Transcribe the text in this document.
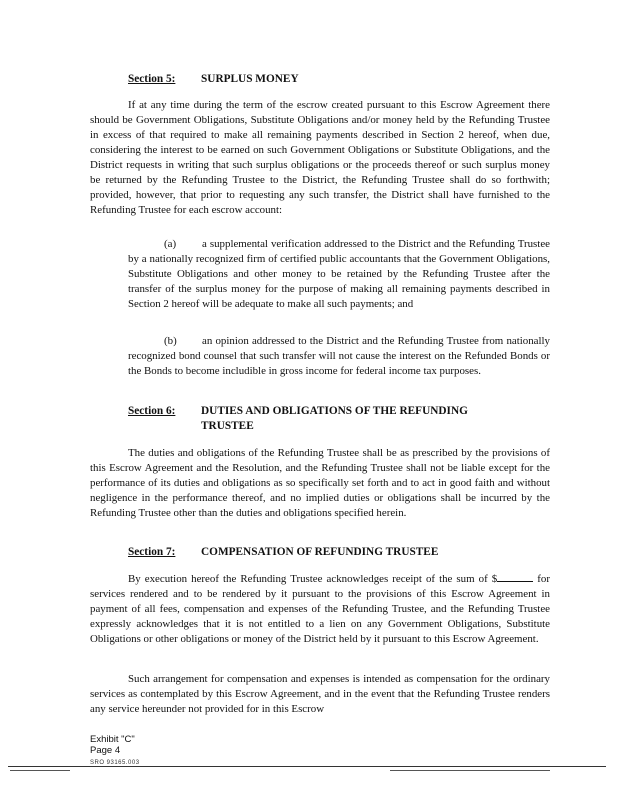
Section 5: SURPLUS MONEY

If at any time during the term of the escrow created pursuant to this Escrow Agreement there should be Government Obligations, Substitute Obligations and/or money held by the Refunding Trustee in excess of that required to make all remaining payments described in Section 2 hereof, when due, considering the interest to be earned on such Government Obligations or Substitute Obligations, and the District requests in writing that such surplus obligations or the proceeds thereof or such surplus money be returned by the Refunding Trustee to the District, the Refunding Trustee shall do so forthwith; provided, however, that prior to requesting any such transfer, the District shall have furnished to the Refunding Trustee for each escrow account:

(a) a supplemental verification addressed to the District and the Refunding Trustee by a nationally recognized firm of certified public accountants that the Government Obligations, Substitute Obligations and other money to be retained by the Refunding Trustee after the transfer of the surplus money for the purpose of making all remaining payments described in Section 2 hereof will be adequate to make all such payments; and

(b) an opinion addressed to the District and the Refunding Trustee from nationally recognized bond counsel that such transfer will not cause the interest on the Refunded Bonds or the Bonds to become includible in gross income for federal income tax purposes.

Section 6: DUTIES AND OBLIGATIONS OF THE REFUNDING
TRUSTEE

The duties and obligations of the Refunding Trustee shall be as prescribed by the provisions of this Escrow Agreement and the Resolution, and the Refunding Trustee shall not be liable except for the performance of its duties and obligations as so specifically set forth and to act in good faith and without negligence in the performance thereof, and no implied duties or obligations shall be incurred by the Refunding Trustee other than the duties and obligations specified herein.

Section 7: COMPENSATION OF REFUNDING TRUSTEE

By execution hereof the Refunding Trustee acknowledges receipt of the sum of $	for services rendered and to be rendered by it pursuant to the provisions of this Escrow Agreement in payment of all fees, compensation and expenses of the Refunding Trustee, and the Refunding Trustee expressly acknowledges that it is not entitled to a lien on any Government Obligations, Substitute Obligations or other obligations or money of the District held by it pursuant to this Escrow Agreement.

Such arrangement for compensation and expenses is intended as compensation for the ordinary services as contemplated by this Escrow Agreement, and in the event that the Refunding Trustee renders any service hereunder not provided for in this Escrow

Exhibit "C"
Page 4
SRO 93165.003
